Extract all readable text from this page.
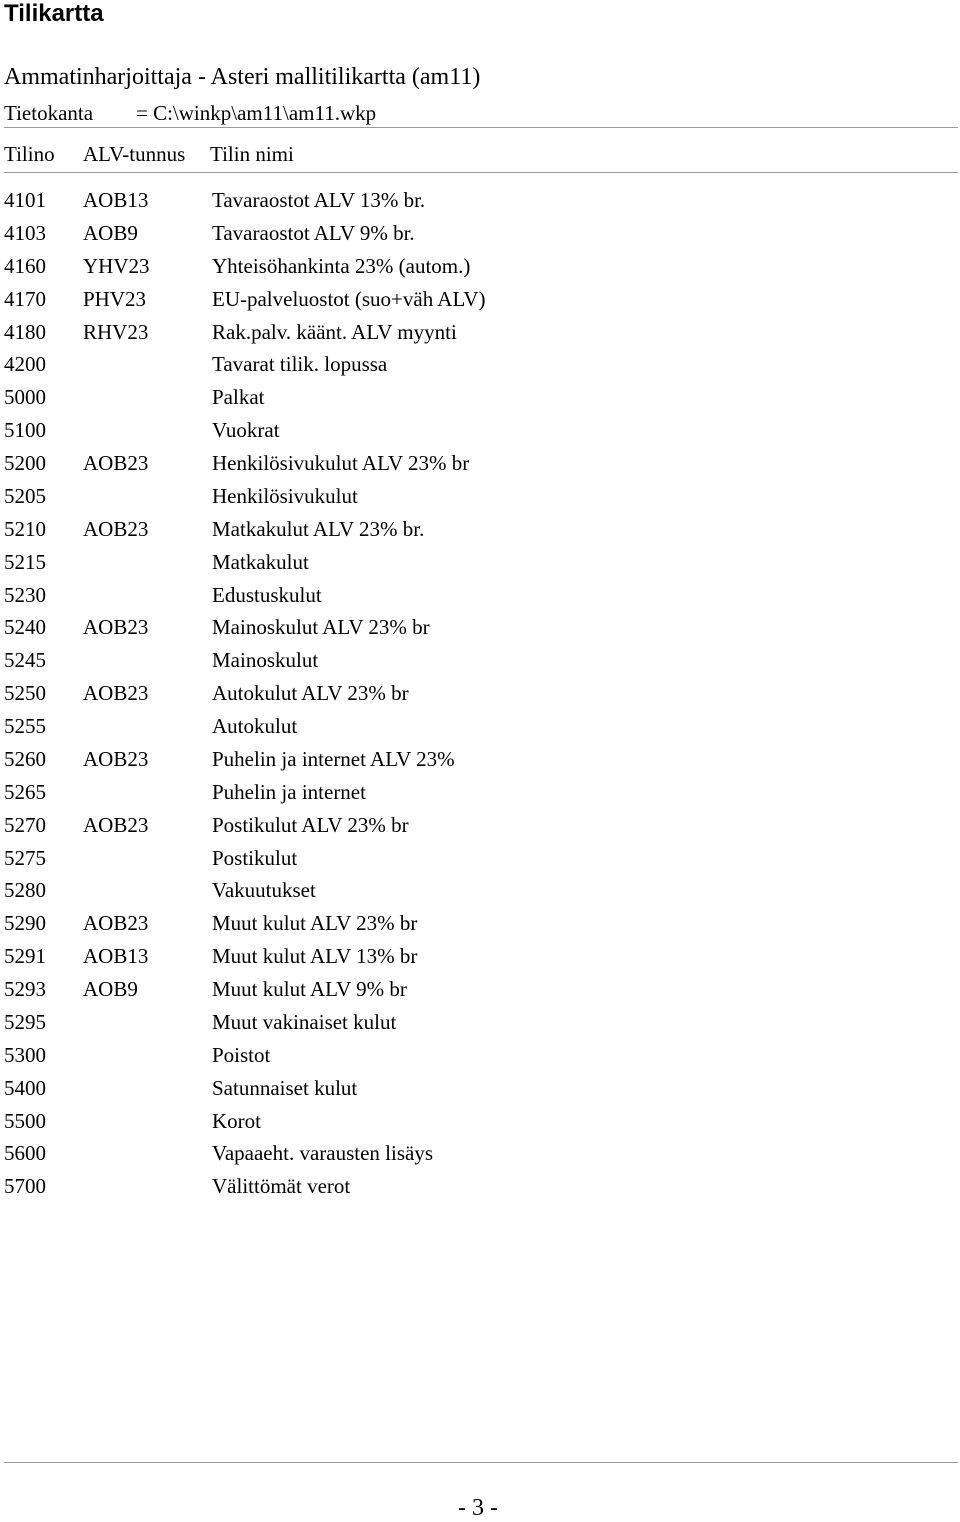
Tilikartta
Ammatinharjoittaja - Asteri mallitilikartta (am11)
Tietokanta = C:\winkp\am11\am11.wkp
Tilino ALV-tunnus Tilin nimi
4101 AOB13	Tavaraostot ALV 13% br.
4103 AOB9	Tavaraostot ALV 9% br.
4160 YHV23	Yhteisöhankinta 23% (autom.)
4170 PHV23	EU-palveluostot (suo+väh ALV)
4180 RHV23	Rak.palv. käänt. ALV myynti
4200	Tavarat tilik. lopussa
5000	Palkat
5100	Vuokrat
5200 AOB23	Henkilösivukulut ALV 23% br
5205	Henkilösivukulut
5210 AOB23	Matkakulut ALV 23% br.
5215	Matkakulut
5230	Edustuskulut
5240 AOB23	Mainoskulut ALV 23% br
5245	Mainoskulut
5250 AOB23	Autokulut ALV 23% br
5255	Autokulut
5260 AOB23	Puhelin ja internet ALV 23%
5265	Puhelin ja internet
5270 AOB23	Postikulut ALV 23% br
5275	Postikulut
5280	Vakuutukset
5290 AOB23	Muut kulut ALV 23% br
5291 AOB13	Muut kulut ALV 13% br
5293 AOB9	Muut kulut ALV 9% br
5295	Muut vakinaiset kulut
5300	Poistot
5400	Satunnaiset kulut
5500	Korot
5600	Vapaaeht. varausten lisäys
5700	Välittömät verot
- 3 -
